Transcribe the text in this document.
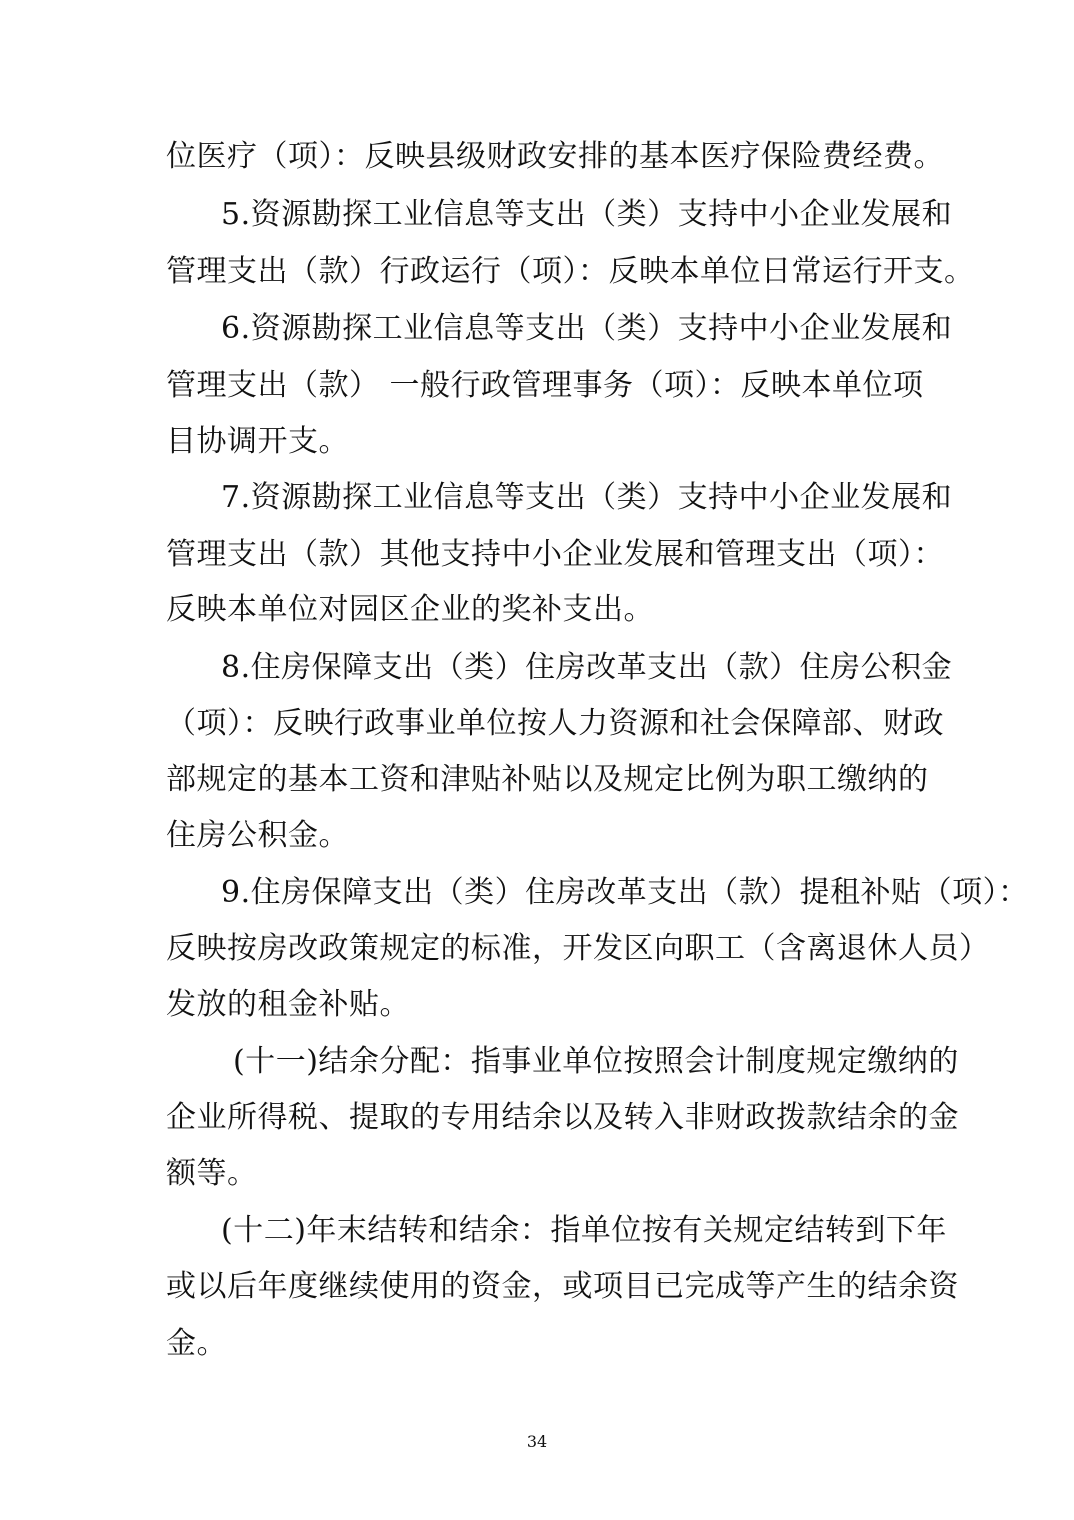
位医疗（项）：反映县级财政安排的基本医疗保险费经费。
5.资源勘探工业信息等支出（类）支持中小企业发展和
管理支出（款）行政运行（项）：反映本单位日常运行开支。
6.资源勘探工业信息等支出（类）支持中小企业发展和
管理支出（款） 一般行政管理事务（项）：反映本单位项
目协调开支。
7.资源勘探工业信息等支出（类）支持中小企业发展和
管理支出（款）其他支持中小企业发展和管理支出（项）：
反映本单位对园区企业的奖补支出。
8.住房保障支出（类）住房改革支出（款）住房公积金
（项）：反映行政事业单位按人力资源和社会保障部、财政
部规定的基本工资和津贴补贴以及规定比例为职工缴纳的
住房公积金。
9.住房保障支出（类）住房改革支出（款）提租补贴（项）：
反映按房改政策规定的标准，开发区向职工（含离退休人员）
发放的租金补贴。
(十一)结余分配：指事业单位按照会计制度规定缴纳的
企业所得税、提取的专用结余以及转入非财政拨款结余的金
额等。
(十二)年末结转和结余：指单位按有关规定结转到下年
或以后年度继续使用的资金，或项目已完成等产生的结余资
金。
34
